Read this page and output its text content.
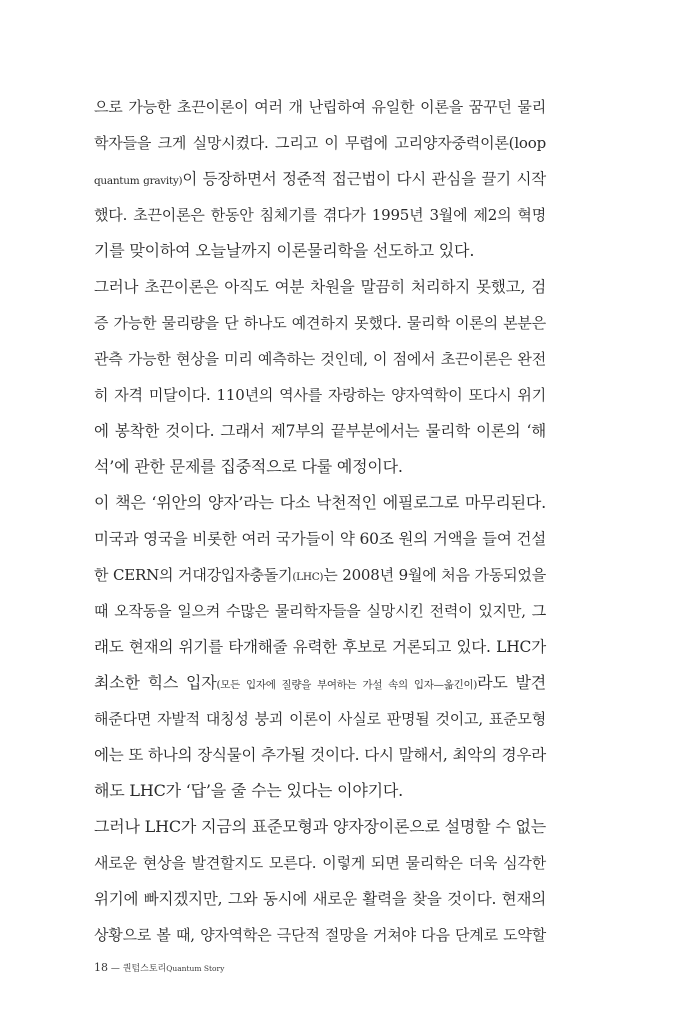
으로 가능한 초끈이론이 여러 개 난립하여 유일한 이론을 꿈꾸던 물리
학자들을 크게 실망시켰다. 그리고 이 무렵에 고리양자중력이론(loop
quantum gravity)이 등장하면서 정준적 접근법이 다시 관심을 끌기 시작
했다. 초끈이론은 한동안 침체기를 겪다가 1995년 3월에 제2의 혁명
기를 맞이하여 오늘날까지 이론물리학을 선도하고 있다.
그러나 초끈이론은 아직도 여분 차원을 말끔히 처리하지 못했고, 검
증 가능한 물리량을 단 하나도 예견하지 못했다. 물리학 이론의 본분은
관측 가능한 현상을 미리 예측하는 것인데, 이 점에서 초끈이론은 완전
히 자격 미달이다. 110년의 역사를 자랑하는 양자역학이 또다시 위기
에 봉착한 것이다. 그래서 제7부의 끝부분에서는 물리학 이론의 ‘해
석’에 관한 문제를 집중적으로 다룰 예정이다.
이 책은 ‘위안의 양자’라는 다소 낙천적인 에필로그로 마무리된다.
미국과 영국을 비롯한 여러 국가들이 약 60조 원의 거액을 들여 건설
한 CERN의 거대강입자충돌기(LHC)는 2008년 9월에 처음 가동되었을
때 오작동을 일으켜 수많은 물리학자들을 실망시킨 전력이 있지만, 그
래도 현재의 위기를 타개해줄 유력한 후보로 거론되고 있다. LHC가
최소한 힉스 입자(모든 입자에 질량을 부여하는 가설 속의 입자—옮긴이)라도 발견
해준다면 자발적 대칭성 붕괴 이론이 사실로 판명될 것이고, 표준모형
에는 또 하나의 장식물이 추가될 것이다. 다시 말해서, 최악의 경우라
해도 LHC가 ‘답’을 줄 수는 있다는 이야기다.
그러나 LHC가 지금의 표준모형과 양자장이론으로 설명할 수 없는
새로운 현상을 발견할지도 모른다. 이렇게 되면 물리학은 더욱 심각한
위기에 빠지겠지만, 그와 동시에 새로운 활력을 찾을 것이다. 현재의
상황으로 볼 때, 양자역학은 극단적 절망을 거쳐야 다음 단계로 도약할
18 — 퀀텀스토리Quantum Story
